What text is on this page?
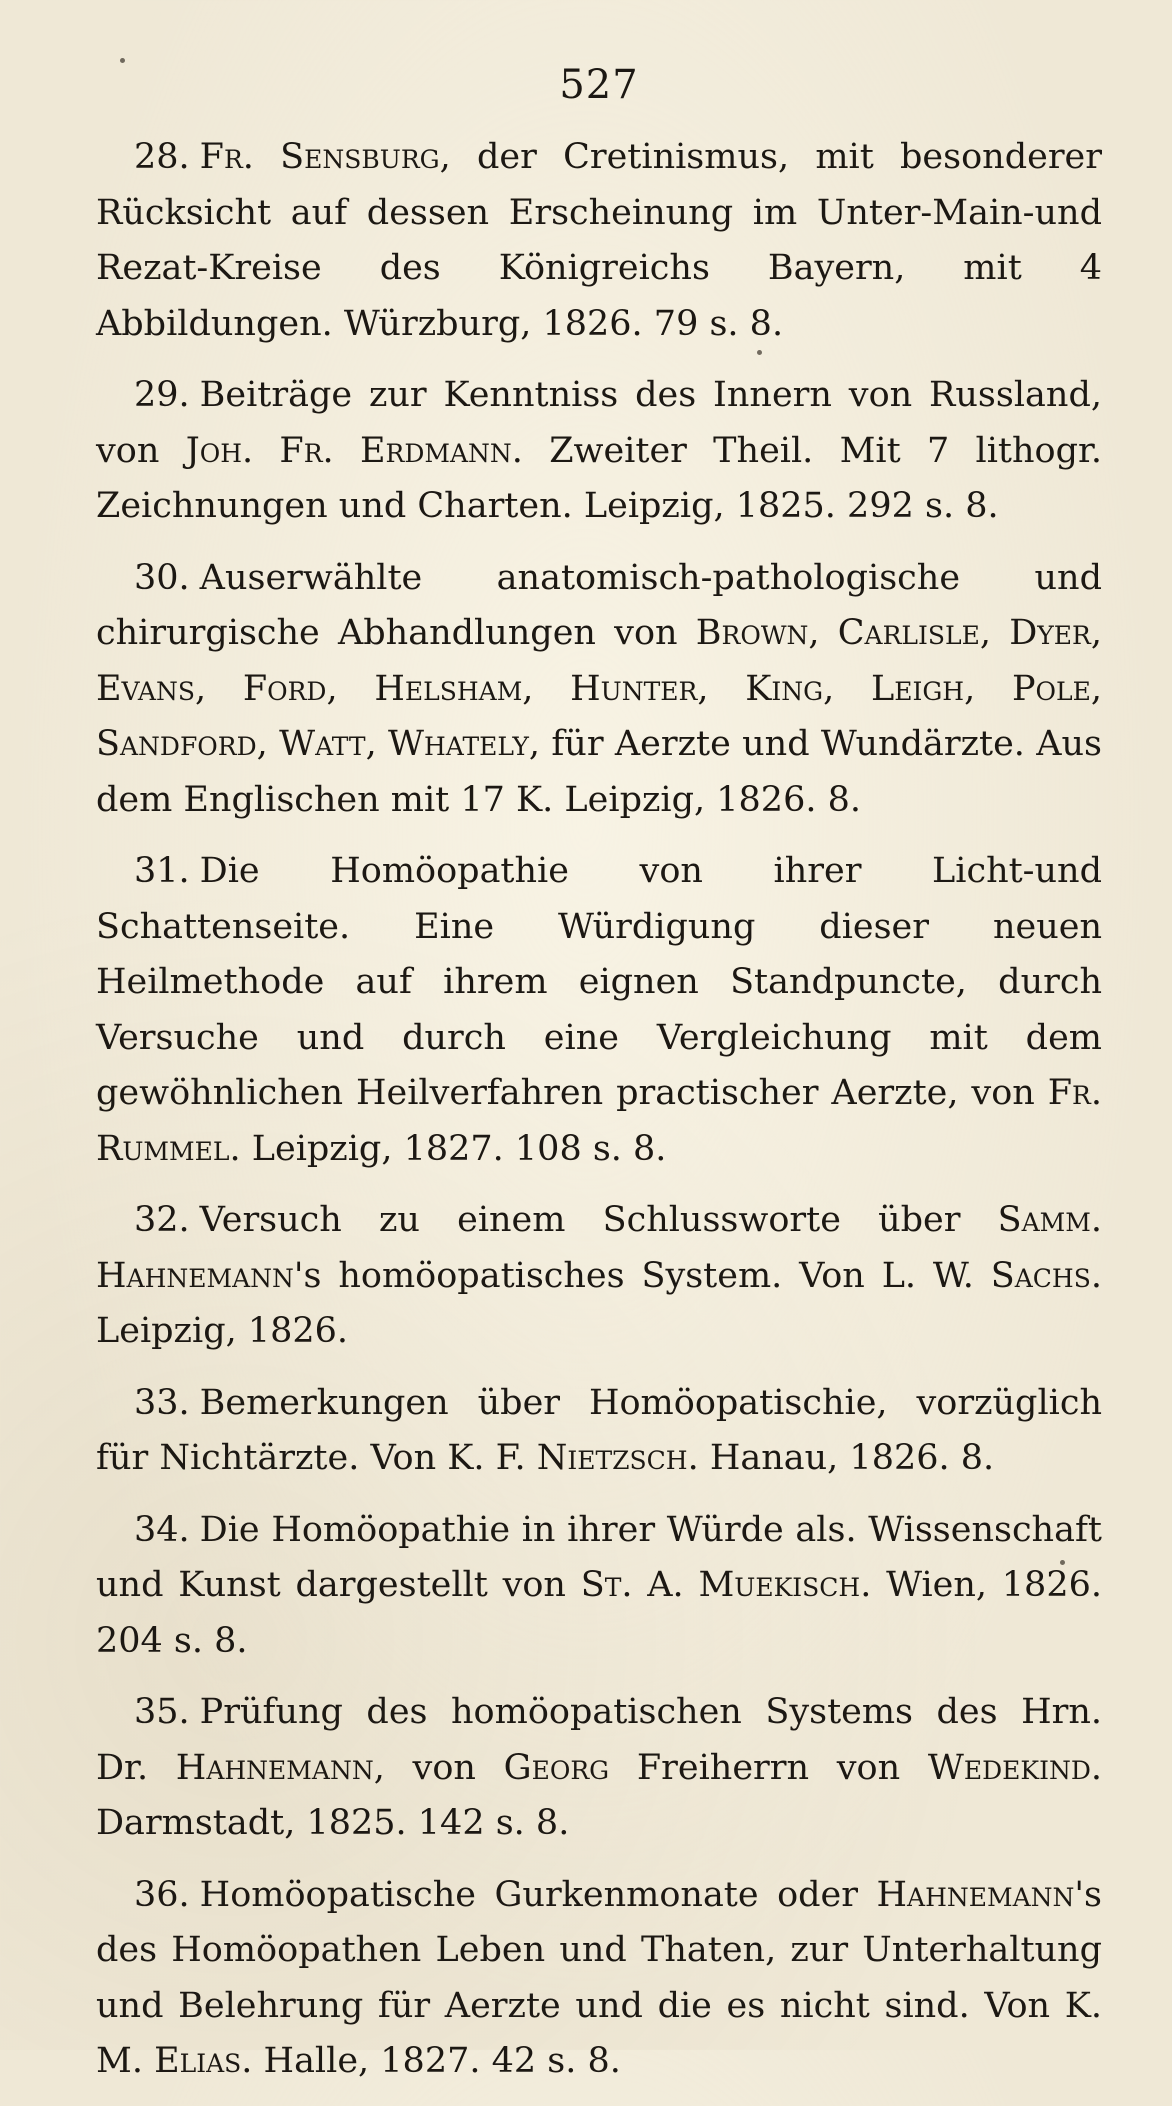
527

28. Fr. Sensburg, der Cretinismus, mit besonderer Rücksicht auf dessen Erscheinung im Unter-Main-und Rezat-Kreise des Königreichs Bayern, mit 4 Abbildungen. Würzburg, 1826. 79 s. 8.

29. Beiträge zur Kenntniss des Innern von Russland, von Joh. Fr. Erdmann. Zweiter Theil. Mit 7 lithogr. Zeichnungen und Charten. Leipzig, 1825. 292 s. 8.

30. Auserwählte anatomisch-pathologische und chirurgische Abhandlungen von Brown, Carlisle, Dyer, Evans, Ford, Helsham, Hunter, King, Leigh, Pole, Sandford, Watt, Whately, für Aerzte und Wundärzte. Aus dem Englischen mit 17 K. Leipzig, 1826. 8.

31. Die Homöopathie von ihrer Licht-und Schattenseite. Eine Würdigung dieser neuen Heilmethode auf ihrem eignen Standpuncte, durch Versuche und durch eine Vergleichung mit dem gewöhnlichen Heilverfahren practischer Aerzte, von Fr. Rummel. Leipzig, 1827. 108 s. 8.

32. Versuch zu einem Schlussworte über Samm. Hahnemann's homöopatisches System. Von L. W. Sachs. Leipzig, 1826.

33. Bemerkungen über Homöopatischie, vorzüglich für Nichtärzte. Von K. F. Nietzsch. Hanau, 1826. 8.

34. Die Homöopathie in ihrer Würde als. Wissenschaft und Kunst dargestellt von St. A. Muekisch. Wien, 1826. 204 s. 8.

35. Prüfung des homöopatischen Systems des Hrn. Dr. Hahnemann, von Georg Freiherrn von Wedekind. Darmstadt, 1825. 142 s. 8.

36. Homöopatische Gurkenmonate oder Hahnemann's des Homöopathen Leben und Thaten, zur Unterhaltung und Belehrung für Aerzte und die es nicht sind. Von K. M. Elias. Halle, 1827. 42 s. 8.
